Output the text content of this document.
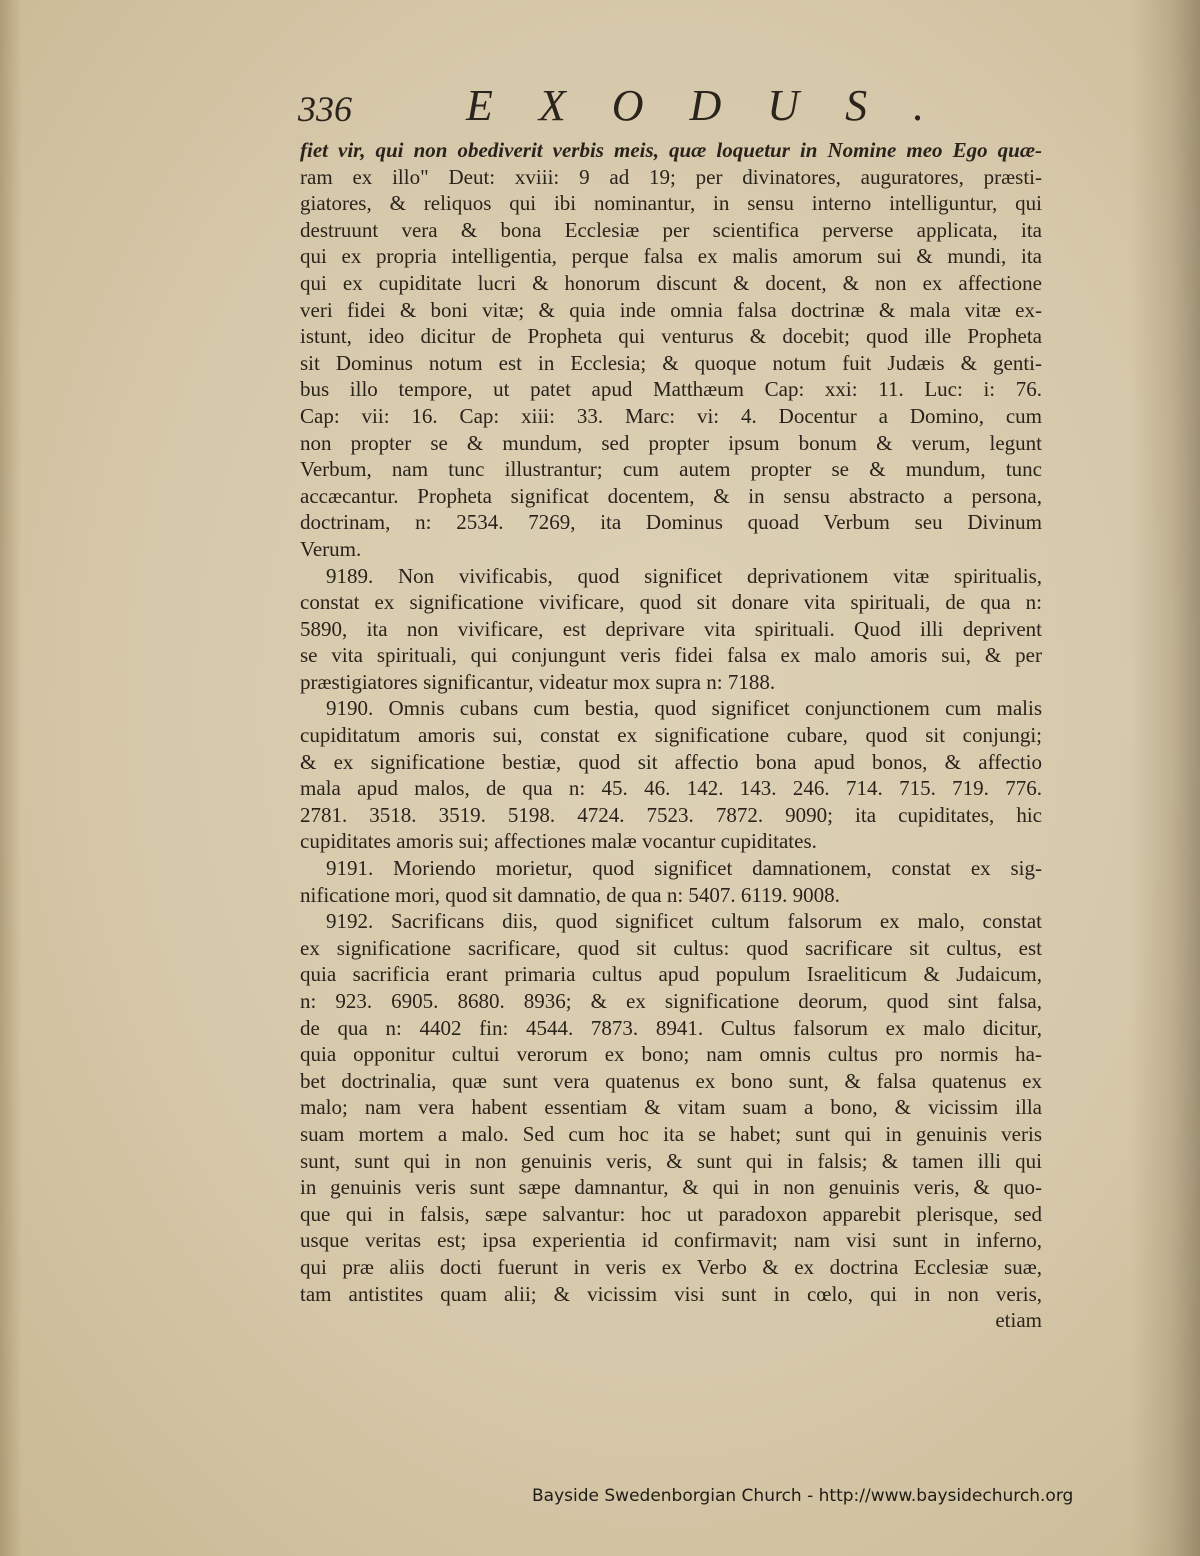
336	EXODUS.
fiet vir, qui non obediverit verbis meis, quæ loquetur in Nomine meo Ego quæ-
ram ex illo" Deut: xviii: 9 ad 19; per divinatores, auguratores, præsti-
giatores, & reliquos qui ibi nominantur, in sensu interno intelliguntur, qui
destruunt vera & bona Ecclesiæ per scientifica perverse applicata, ita
qui ex propria intelligentia, perque falsa ex malis amorum sui & mundi, ita
qui ex cupiditate lucri & honorum discunt & docent, & non ex affectione
veri fidei & boni vitæ; & quia inde omnia falsa doctrinæ & mala vitæ ex-
istunt, ideo dicitur de Propheta qui venturus & docebit; quod ille Propheta
sit Dominus notum est in Ecclesia; & quoque notum fuit Judæis & genti-
bus illo tempore, ut patet apud Matthæum Cap: xxi: 11. Luc: i: 76.
Cap: vii: 16. Cap: xiii: 33. Marc: vi: 4. Docentur a Domino, cum
non propter se & mundum, sed propter ipsum bonum & verum, legunt
Verbum, nam tunc illustrantur; cum autem propter se & mundum, tunc
accæcantur. Propheta significat docentem, & in sensu abstracto a persona,
doctrinam, n: 2534. 7269, ita Dominus quoad Verbum seu Divinum
Verum.
9189. Non vivificabis, quod significet deprivationem vitæ spiritualis,
constat ex significatione vivificare, quod sit donare vita spirituali, de qua n:
5890, ita non vivificare, est deprivare vita spirituali. Quod illi deprivent
se vita spirituali, qui conjungunt veris fidei falsa ex malo amoris sui, & per
præstigiatores significantur, videatur mox supra n: 7188.
9190. Omnis cubans cum bestia, quod significet conjunctionem cum malis
cupiditatum amoris sui, constat ex significatione cubare, quod sit conjungi;
& ex significatione bestiæ, quod sit affectio bona apud bonos, & affectio
mala apud malos, de qua n: 45. 46. 142. 143. 246. 714. 715. 719. 776.
2781. 3518. 3519. 5198. 4724. 7523. 7872. 9090; ita cupiditates, hic
cupiditates amoris sui; affectiones malæ vocantur cupiditates.
9191. Moriendo morietur, quod significet damnationem, constat ex sig-
nificatione mori, quod sit damnatio, de qua n: 5407. 6119. 9008.
9192. Sacrificans diis, quod significet cultum falsorum ex malo, constat
ex significatione sacrificare, quod sit cultus: quod sacrificare sit cultus, est
quia sacrificia erant primaria cultus apud populum Israeliticum & Judaicum,
n: 923. 6905. 8680. 8936; & ex significatione deorum, quod sint falsa,
de qua n: 4402 fin: 4544. 7873. 8941. Cultus falsorum ex malo dicitur,
quia opponitur cultui verorum ex bono; nam omnis cultus pro normis ha-
bet doctrinalia, quæ sunt vera quatenus ex bono sunt, & falsa quatenus ex
malo; nam vera habent essentiam & vitam suam a bono, & vicissim illa
suam mortem a malo. Sed cum hoc ita se habet; sunt qui in genuinis veris
sunt, sunt qui in non genuinis veris, & sunt qui in falsis; & tamen illi qui
in genuinis veris sunt sæpe damnantur, & qui in non genuinis veris, & quo-
que qui in falsis, sæpe salvantur: hoc ut paradoxon apparebit plerisque, sed
usque veritas est; ipsa experientia id confirmavit; nam visi sunt in inferno,
qui præ aliis docti fuerunt in veris ex Verbo & ex doctrina Ecclesiæ suæ,
tam antistites quam alii; & vicissim visi sunt in cœlo, qui in non veris,
etiam
Bayside Swedenborgian Church - http://www.baysidechurch.org
